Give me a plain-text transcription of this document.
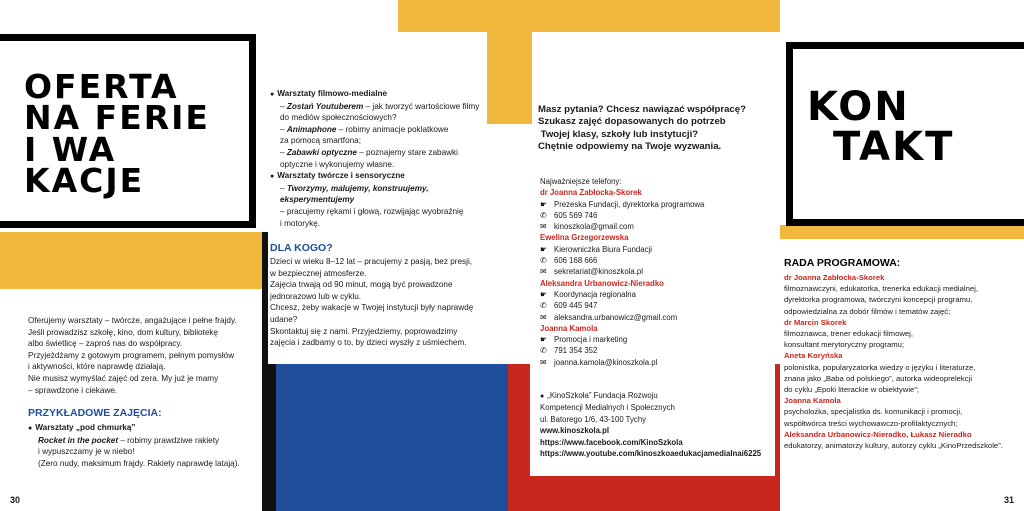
OFERTA
NA FERIE
I WA
KACJE

Oferujemy warsztaty – twórcze, angażujące i pełne frajdy.

Jeśli prowadzisz szkołę, kino, dom kultury, bibliotekę

albo świetlicę – zaproś nas do współpracy.

Przyjeżdżamy z gotowym programem, pełnym pomysłów

i aktywności, które naprawdę działają.

Nie musisz wymyślać zajęć od zera. My już je mamy

– sprawdzone i ciekawe.

PRZYKŁADOWE ZAJĘCIA:

● Warsztaty „pod chmurką”

Rocket in the pocket – robimy prawdziwe rakiety

i wypuszczamy je w niebo!

(Zero nudy, maksimum frajdy. Rakiety naprawdę latają).

30

● Warsztaty filmowo-medialne

– Zostań Youtuberem – jak tworzyć wartościowe filmy

do mediów społecznościowych?

– Animaphone – robimy animacje poklatkowe

za pomocą smartfona;

– Zabawki optyczne – poznajemy stare zabawki

optyczne i wykonujemy własne.

● Warsztaty twórcze i sensoryczne

– Tworzymy, malujemy, konstruujemy, eksperymentujemy

– pracujemy rękami i głową, rozwijając wyobraźnię

i motorykę.

DLA KOGO?

Dzieci w wieku 8–12 lat – pracujemy z pasją, bez presji,

w bezpiecznej atmosferze.

Zajęcia trwają od 90 minut, mogą być prowadzone

jednorazowo lub w cyklu.

Chcesz, żeby wakacje w Twojej instytucji były naprawdę

udane?

Skontaktuj się z nami. Przyjedziemy, poprowadzimy

zajęcia i zadbamy o to, by dzieci wyszły z uśmiechem.

Masz pytania? Chcesz nawiązać współpracę?

Szukasz zajęć dopasowanych do potrzeb

Twojej klasy, szkoły lub instytucji?

Chętnie odpowiemy na Twoje wyzwania.

Najważniejsze telefony:

dr Joanna Zabłocka-Skorek

☛ Prezeska Fundacji, dyrektorka programowa

✆ 605 569 746

✉ kinoszkola@gmail.com

Ewelina Grzegorzewska

☛ Kierowniczka Biura Fundacji

✆ 606 168 666

✉ sekretariat@kinoszkola.pl

Aleksandra Urbanowicz-Nieradko

☛ Koordynacja regionalna

✆ 609 445 947

✉ aleksandra.urbanowicz@gmail.com

Joanna Kamola

☛ Promocja i marketing

✆ 791 354 352

✉ joanna.kamola@kinoszkola.pl

● „KinoSzkoła” Fundacja Rozwoju

Kompetencji Medialnych i Społecznych

ul. Batorego 1/6, 43-100 Tychy

www.kinoszkola.pl

https://www.facebook.com/KinoSzkola

https://www.youtube.com/kinoszkoaedukacjamedialnai6225

KON
TAKT
RADA PROGRAMOWA:

dr Joanna Zabłocka-Skorek

filmoznawczyni, edukatorka, trenerka edukacji medialnej,

dyrektorka programowa, twórczyni koncepcji programu,

odpowiedzialna za dobór filmów i tematów zajęć;

dr Marcin Skorek

filmoznawca, trener edukacji filmowej,

konsultant merytoryczny programu;

Aneta Koryńska

polonistka, popularyzatorka wiedzy o języku i literaturze,

znana jako „Baba od polskiego”, autorka wideoprelekcji

do cyklu „Epoki literackie w obiektywie”;

Joanna Kamola

psycholożka, specjalistka ds. komunikacji i promocji,

współtwórca treści wychowawczo-profilaktycznych;

Aleksandra Urbanowicz-Nieradko, Łukasz Nieradko

edukatorzy, animatorzy kultury, autorzy cyklu „KinoPrzedszkole”.

31
